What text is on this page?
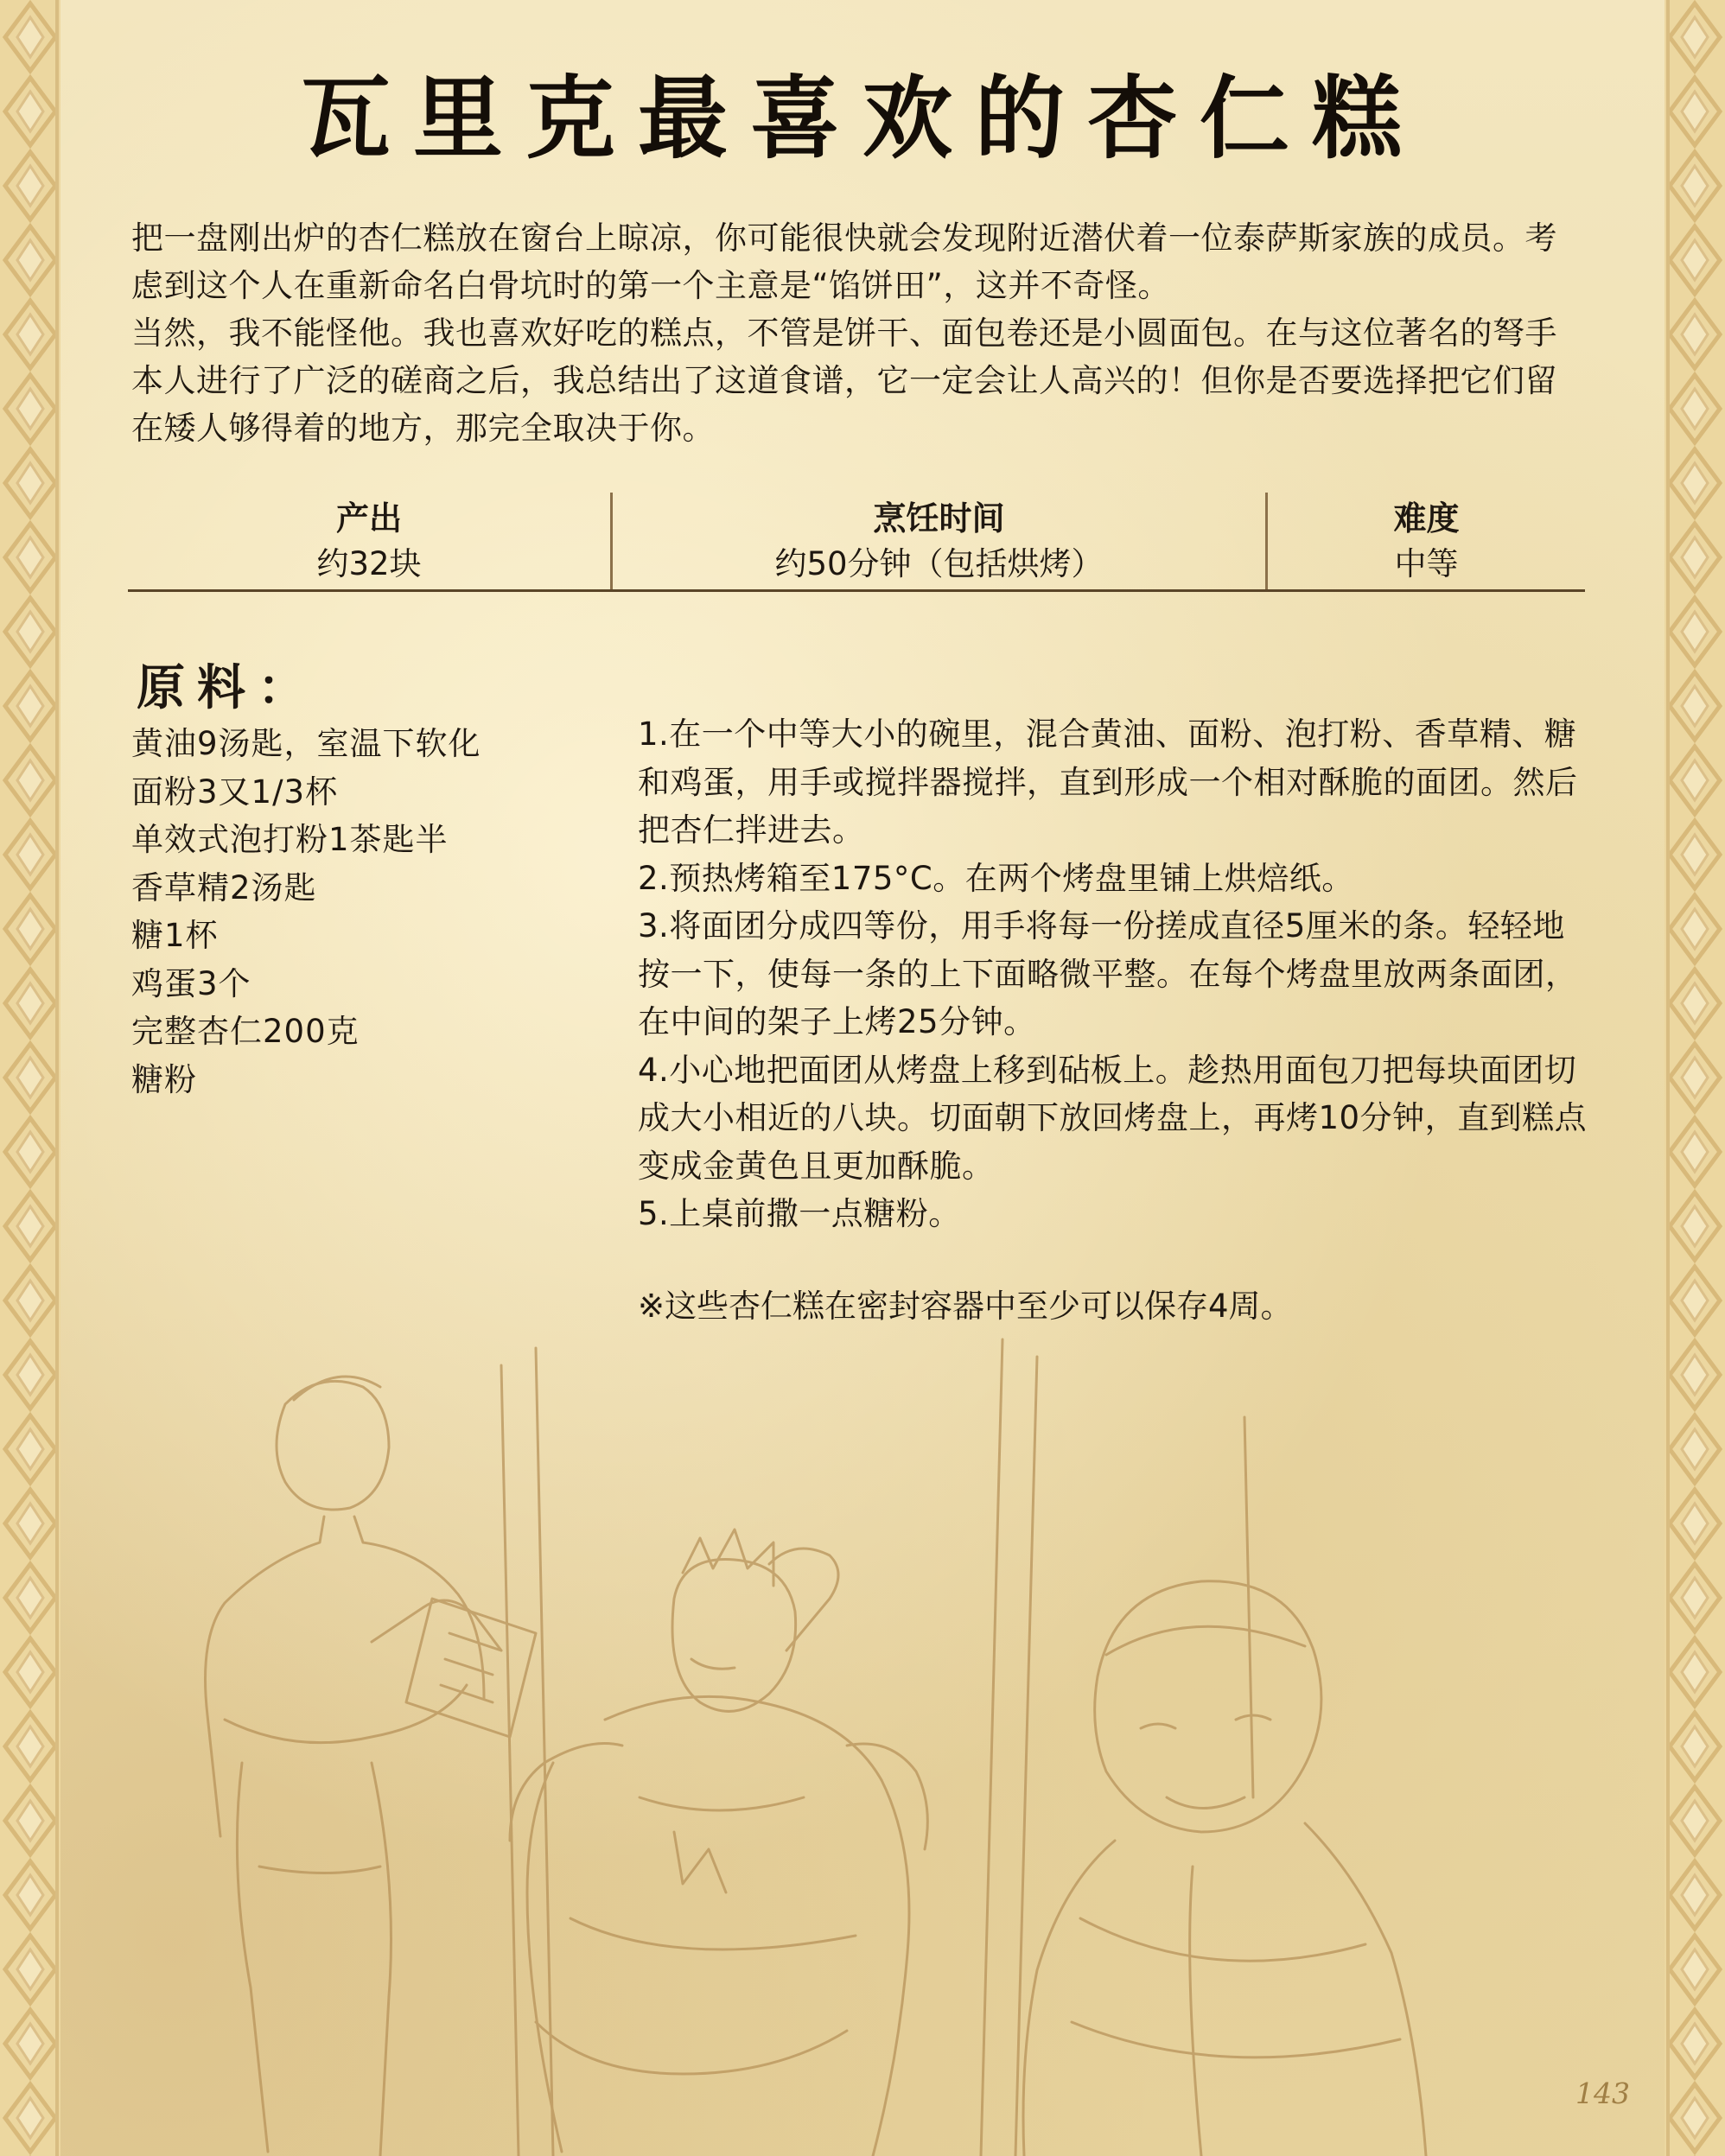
瓦里克最喜欢的杏仁糕

把一盘刚出炉的杏仁糕放在窗台上晾凉，你可能很快就会发现附近潜伏着一位泰萨斯家族的成员。考虑到这个人在重新命名白骨坑时的第一个主意是“馅饼田”，这并不奇怪。

当然，我不能怪他。我也喜欢好吃的糕点，不管是饼干、面包卷还是小圆面包。在与这位著名的弩手本人进行了广泛的磋商之后，我总结出了这道食谱，它一定会让人高兴的！但你是否要选择把它们留在矮人够得着的地方，那完全取决于你。

产出
约32块
烹饪时间
约50分钟（包括烘烤）
难度
中等
原料：
黄油9汤匙，室温下软化
面粉3又1/3杯
单效式泡打粉1茶匙半
香草精2汤匙
糖1杯
鸡蛋3个
完整杏仁200克
糖粉
1.在一个中等大小的碗里，混合黄油、面粉、泡打粉、香草精、糖和鸡蛋，用手或搅拌器搅拌，直到形成一个相对酥脆的面团。然后把杏仁拌进去。
2.预热烤箱至175°C。在两个烤盘里铺上烘焙纸。
3.将面团分成四等份，用手将每一份搓成直径5厘米的条。轻轻地按一下，使每一条的上下面略微平整。在每个烤盘里放两条面团，在中间的架子上烤25分钟。
4.小心地把面团从烤盘上移到砧板上。趁热用面包刀把每块面团切成大小相近的八块。切面朝下放回烤盘上，再烤10分钟，直到糕点变成金黄色且更加酥脆。
5.上桌前撒一点糖粉。
※这些杏仁糕在密封容器中至少可以保存4周。
143
